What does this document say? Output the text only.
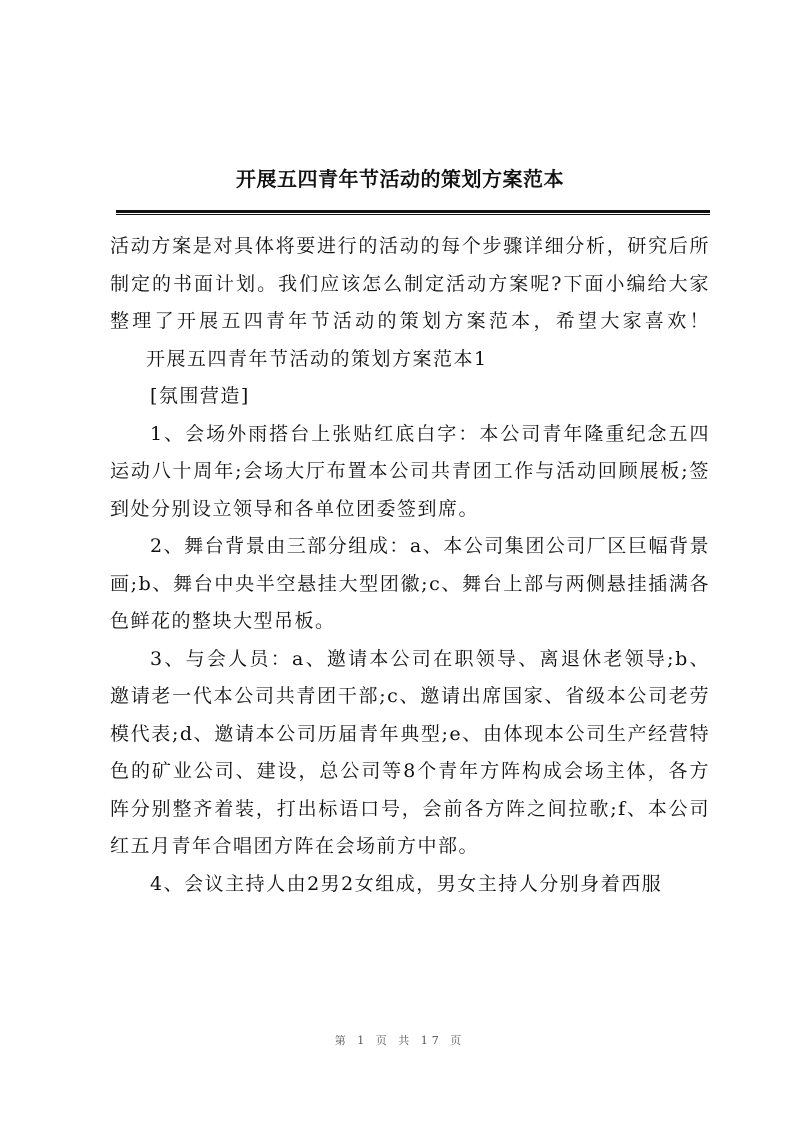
开展五四青年节活动的策划方案范本

活动方案是对具体将要进行的活动的每个步骤详细分析，研究后所制定的书面计划。我们应该怎么制定活动方案呢?下面小编给大家整理了开展五四青年节活动的策划方案范本，希望大家喜欢！开展五四青年节活动的策划方案范本1

[氛围营造]

1、会场外雨搭台上张贴红底白字：本公司青年隆重纪念五四运动八十周年;会场大厅布置本公司共青团工作与活动回顾展板;签到处分别设立领导和各单位团委签到席。

2、舞台背景由三部分组成：a、本公司集团公司厂区巨幅背景画;b、舞台中央半空悬挂大型团徽;c、舞台上部与两侧悬挂插满各色鲜花的整块大型吊板。

3、与会人员：a、邀请本公司在职领导、离退休老领导;b、邀请老一代本公司共青团干部;c、邀请出席国家、省级本公司老劳模代表;d、邀请本公司历届青年典型;e、由体现本公司生产经营特色的矿业公司、建设，总公司等8个青年方阵构成会场主体，各方阵分别整齐着装，打出标语口号，会前各方阵之间拉歌;f、本公司红五月青年合唱团方阵在会场前方中部。

4、会议主持人由2男2女组成，男女主持人分别身着西服

第 1 页 共 17 页
